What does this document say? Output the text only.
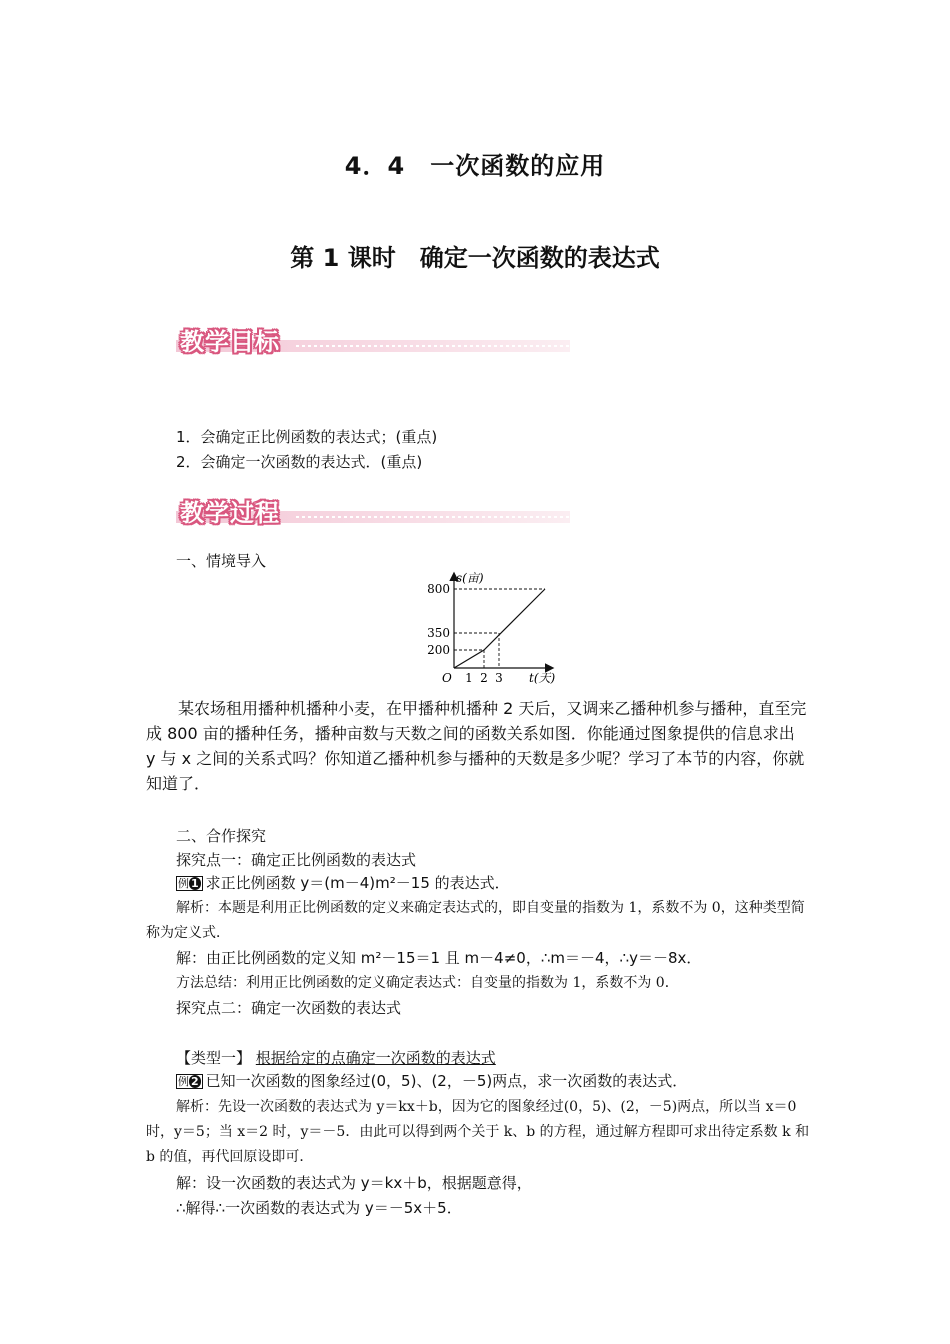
4．4　一次函数的应用
第 1 课时　确定一次函数的表达式
教学目标
1．会确定正比例函数的表达式；(重点)
2．会确定一次函数的表达式．(重点)
教学过程
一、情境导入
s(亩)
t(天)
O
800
350
200
1 2 3
某农场租用播种机播种小麦，在甲播种机播种 2 天后，又调来乙播种机参与播种，直至完成 800 亩的播种任务，播种亩数与天数之间的函数关系如图．你能通过图象提供的信息求出 y 与 x 之间的关系式吗？你知道乙播种机参与播种的天数是多少呢？学习了本节的内容，你就知道了．
二、合作探究
探究点一：确定正比例函数的表达式
例 1 求正比例函数 y＝(m－4)m²－15 的表达式．
解析：本题是利用正比例函数的定义来确定表达式的，即自变量的指数为 1，系数不为 0，这种类型简称为定义式．
解：由正比例函数的定义知 m²－15＝1 且 m－4≠0，∴m＝－4，∴y＝－8x．
方法总结：利用正比例函数的定义确定表达式：自变量的指数为 1，系数不为 0．
探究点二：确定一次函数的表达式
【类型一】 根据给定的点确定一次函数的表达式
例 2 已知一次函数的图象经过(0，5)、(2，－5)两点，求一次函数的表达式．
解析：先设一次函数的表达式为 y＝kx＋b，因为它的图象经过(0，5)、(2，－5)两点，所以当 x＝0 时，y＝5；当 x＝2 时，y＝－5．由此可以得到两个关于 k、b 的方程，通过解方程即可求出待定系数 k 和 b 的值，再代回原设即可．
解：设一次函数的表达式为 y＝kx＋b，根据题意得，
∴解得∴一次函数的表达式为 y＝－5x＋5．
